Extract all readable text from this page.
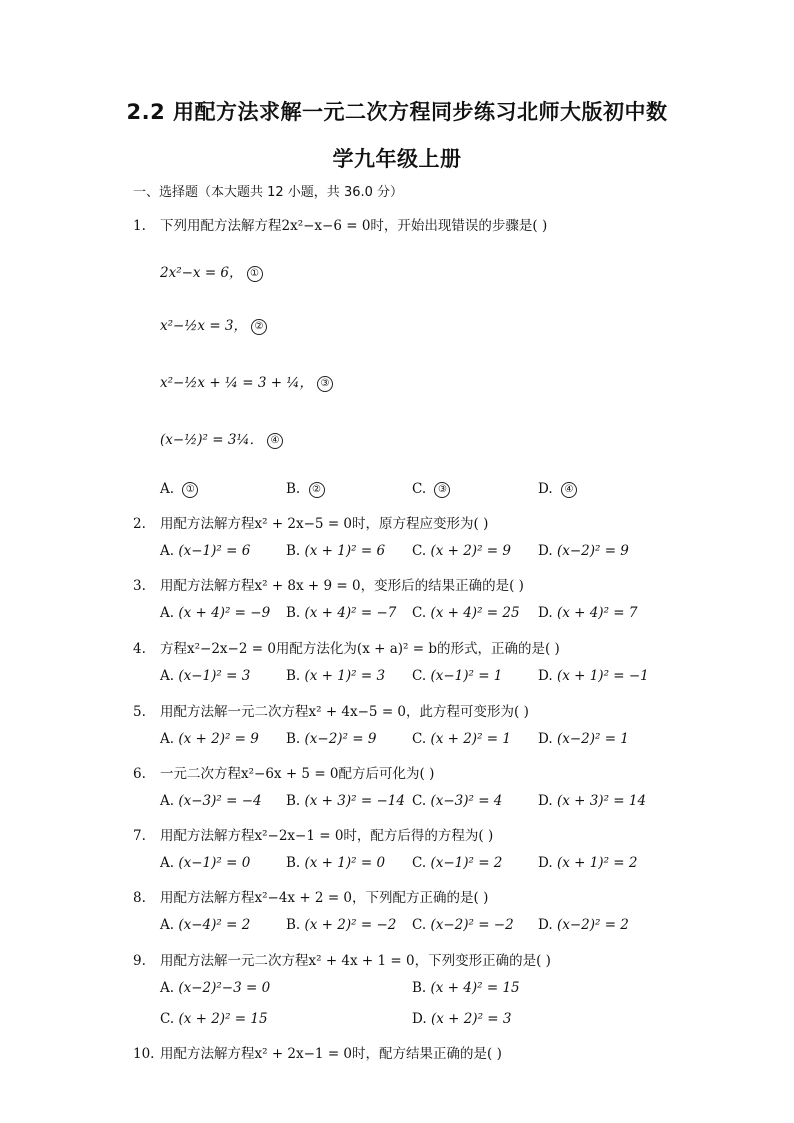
2.2 用配方法求解一元二次方程同步练习北师大版初中数
学九年级上册
一、选择题（本大题共 12 小题，共 36.0 分）
1. 下列用配方法解方程2x²−x−6 = 0时，开始出现错误的步骤是( )
2x²−x = 6， ①
x²−½x = 3， ②
x²−½x + ¼ = 3 + ¼， ③
(x−½)² = 3¼． ④
A. ①	B. ②	C. ③	D. ④
2. 用配方法解方程x² + 2x−5 = 0时，原方程应变形为( )
A. (x−1)² = 6	B. (x + 1)² = 6 C. (x + 2)² = 9 D. (x−2)² = 9
3. 用配方法解方程x² + 8x + 9 = 0，变形后的结果正确的是( )
A. (x + 4)² = −9 B. (x + 4)² = −7 C. (x + 4)² = 25 D. (x + 4)² = 7
4. 方程x²−2x−2 = 0用配方法化为(x + a)² = b的形式，正确的是( )
A. (x−1)² = 3	B. (x + 1)² = 3 C. (x−1)² = 1	D. (x + 1)² = −1
5. 用配方法解一元二次方程x² + 4x−5 = 0，此方程可变形为( )
A. (x + 2)² = 9 B. (x−2)² = 9	C. (x + 2)² = 1 D. (x−2)² = 1
6. 一元二次方程x²−6x + 5 = 0配方后可化为( )
A. (x−3)² = −4 B. (x + 3)² = −14 C. (x−3)² = 4	D. (x + 3)² = 14
7. 用配方法解方程x²−2x−1 = 0时，配方后得的方程为( )
A. (x−1)² = 0	B. (x + 1)² = 0 C. (x−1)² = 2	D. (x + 1)² = 2
8. 用配方法解方程x²−4x + 2 = 0，下列配方正确的是( )
A. (x−4)² = 2	B. (x + 2)² = −2 C. (x−2)² = −2 D. (x−2)² = 2
9. 用配方法解一元二次方程x² + 4x + 1 = 0，下列变形正确的是( )
A. (x−2)²−3 = 0	B. (x + 4)² = 15
C. (x + 2)² = 15	D. (x + 2)² = 3
10. 用配方法解方程x² + 2x−1 = 0时，配方结果正确的是( )
